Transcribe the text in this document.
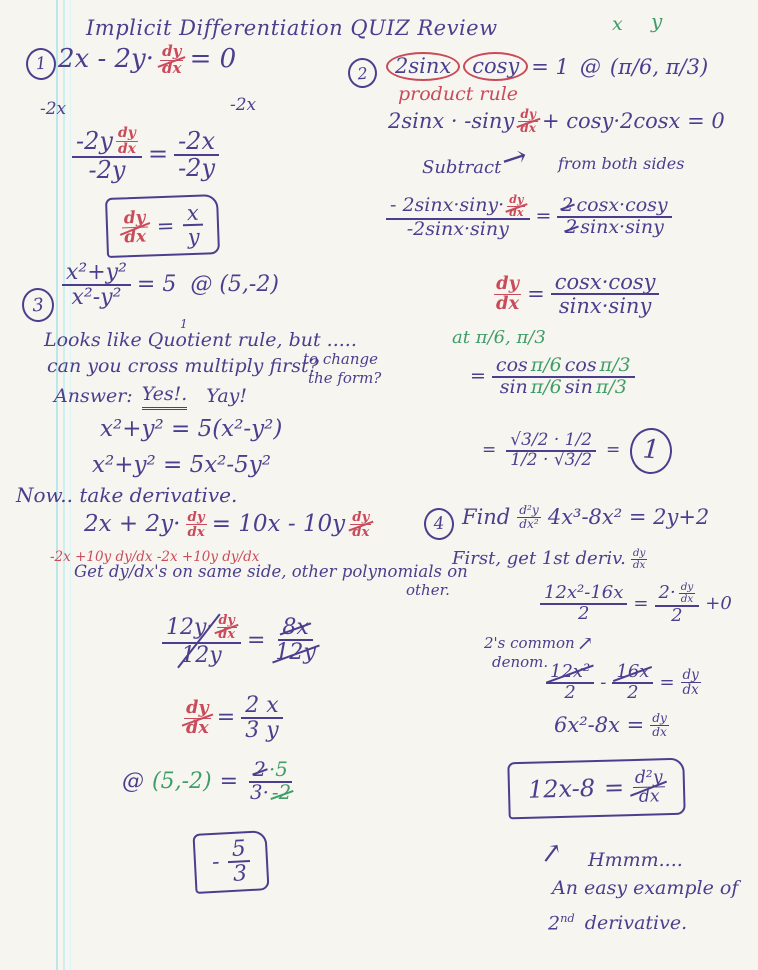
Implicit Differentiation QUIZ Review
1 $2x - 2y\cdot \frac{dy}{dx} = 0$
-2x	-2x
$\frac{-2y \frac{dy}{dx}}{-2y} = \frac{-2x}{-2y}$
$\frac{dy}{dx} = \frac{x}{y}$
x y
2	2sinx	cosy = 1 @ (π/6, π/3)
product rule
$2\sin x \cdot -\sin y \frac{dy}{dx} + \cos y\cdot 2\cos x = 0$
Subtract
→ from both sides
$\frac{- 2\sin x\cdot\sin y\cdot \frac{dy}{dx}}{-2\sin x\cdot\sin y} = \frac{2 \cos x\cdot\cos y}{2 \sin x\cdot\sin y}$
$\frac{dy}{dx} = \frac{\cos x\cdot\cos y}{\sin x\cdot\sin y}$
at π/6, π/3
= $\frac{\text{cos π/6 cos π/3}}{\text{sin π/6 sin π/3}}$
= $\frac{√3/2 \cdot 1/2}{1/2 \cdot √3/2} = 1$
$3 \frac{\text{x²+y²}}{\text{x²-y²}} = 5$ @ (5,-2)
1
Looks like Quotient rule, but .....
can you cross multiply first?
to change
the form?
Answer: Yes!. Yay!
x²+y² = 5(x²-y²)
x²+y² = 5x²-5y²
Now.. take derivative.
$2x + 2y\cdot \frac{dy}{dx} = 10x - 10y \frac{dy}{dx}$
-2x +10y dy/dx -2x +10y dy/dx
Get dy/dx's on same side, other polynomials on
other.
$\frac{12y\cdot \frac{dy}{dx}}{12y} = \frac{8x}{12y}$
$\frac{dy}{dx} = \frac{2 x}{3 y}$
@ $(5,-2) = \frac{2 \cdot 5}{3\cdot -2}$
- $\frac{5}{3}$
4 Find $\frac{\text{d²y}}{\text{dx²}} 4x^3-8x^2 = 2y+2$
First, get 1st deriv. $\frac{dy}{dx}$
$\frac{\text{12x²-16x}}{2} = \frac{2\cdot \frac{dy}{dx}}{2} +0$
2's common ↗
denom.
$\frac{\text{12x²}}{2} - \frac{16x}{2} = \frac{dy}{dx}$
$6x^2-8x = \frac{dy}{dx}$
$12x-8 = \frac{\text{d²y}}{dx}$
↗ Hmmm....
An easy example of
2nd derivative.
